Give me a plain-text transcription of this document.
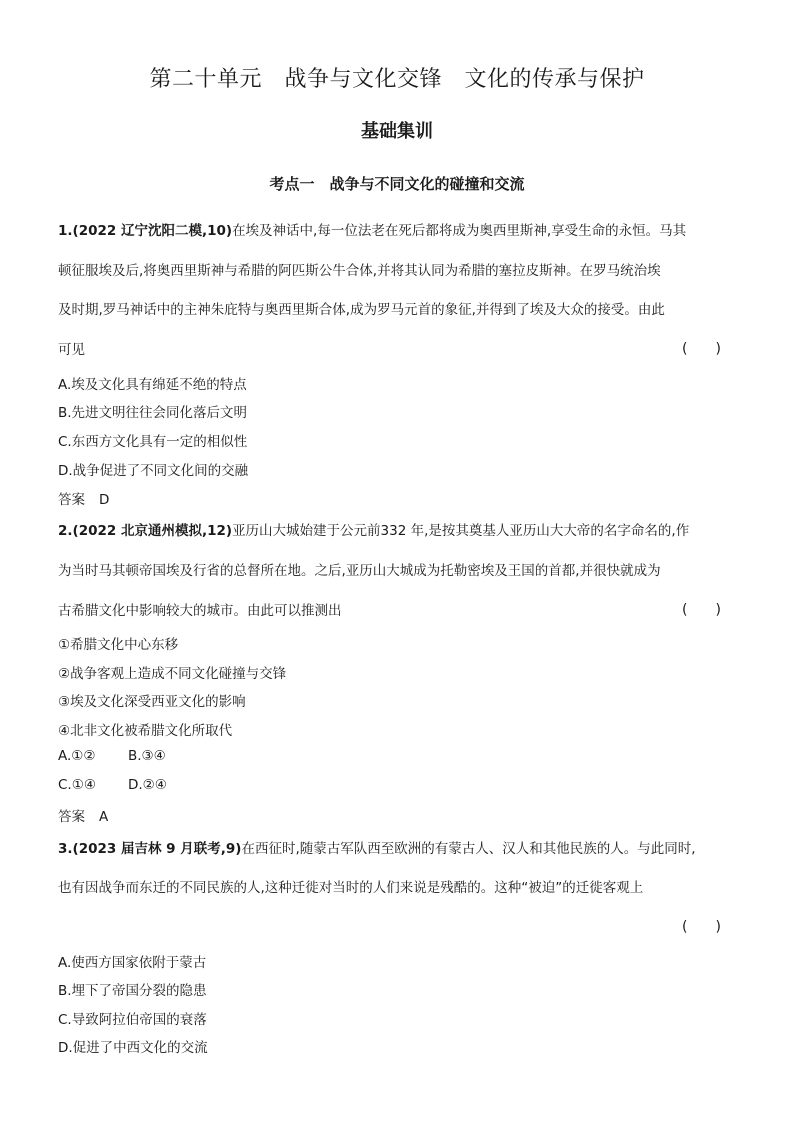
第二十单元　战争与文化交锋　文化的传承与保护
基础集训
考点一　战争与不同文化的碰撞和交流
1.(2022 辽宁沈阳二模,10)在埃及神话中,每一位法老在死后都将成为奥西里斯神,享受生命的永恒。马其
顿征服埃及后,将奥西里斯神与希腊的阿匹斯公牛合体,并将其认同为希腊的塞拉皮斯神。在罗马统治埃
及时期,罗马神话中的主神朱庇特与奥西里斯合体,成为罗马元首的象征,并得到了埃及大众的接受。由此
可见	(　　)
A.埃及文化具有绵延不绝的特点
B.先进文明往往会同化落后文明
C.东西方文化具有一定的相似性
D.战争促进了不同文化间的交融
答案 D
2.(2022 北京通州模拟,12)亚历山大城始建于公元前332 年,是按其奠基人亚历山大大帝的名字命名的,作
为当时马其顿帝国埃及行省的总督所在地。之后,亚历山大城成为托勒密埃及王国的首都,并很快就成为
古希腊文化中影响较大的城市。由此可以推测出	(　　)
①希腊文化中心东移
②战争客观上造成不同文化碰撞与交锋
③埃及文化深受西亚文化的影响
④北非文化被希腊文化所取代
A.①② B.③④
C.①④ D.②④
答案 A
3.(2023 届吉林 9 月联考,9)在西征时,随蒙古军队西至欧洲的有蒙古人、汉人和其他民族的人。与此同时,
也有因战争而东迁的不同民族的人,这种迁徙对当时的人们来说是残酷的。这种“被迫”的迁徙客观上
(　　)
A.使西方国家依附于蒙古
B.埋下了帝国分裂的隐患
C.导致阿拉伯帝国的衰落
D.促进了中西文化的交流
